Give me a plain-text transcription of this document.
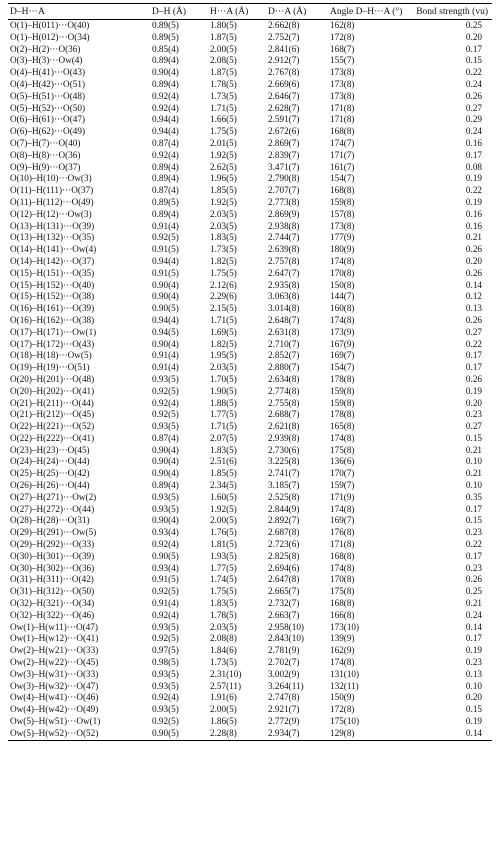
D–H···A	D–H (Å)	H···A (Å)	D···A (Å)	Angle D–H···A (°)	Bond strength (vu)
O(1)–H(011)···O(40)	0.89(5)	1.80(5)	2.662(8)	162(8)	0.25
O(1)–H(012)···O(34)	0.89(5)	1.87(5)	2.752(7)	172(8)	0.20
O(2)–H(2)···O(36)	0.85(4)	2.00(5)	2.841(6)	168(7)	0.17
O(3)–H(3)···Ow(4)	0.89(4)	2.08(5)	2.912(7)	155(7)	0.15
O(4)–H(41)···O(43)	0.90(4)	1.87(5)	2.767(8)	173(8)	0.22
O(4)–H(42)···O(51)	0.89(4)	1.78(5)	2.669(6)	173(8)	0.24
O(5)–H(51)···O(48)	0.92(4)	1.73(5)	2.646(7)	173(8)	0.26
O(5)–H(52)···O(50)	0.92(4)	1.71(5)	2.628(7)	171(8)	0.27
O(6)–H(61)···O(47)	0.94(4)	1.66(5)	2.591(7)	171(8)	0.29
O(6)–H(62)···O(49)	0.94(4)	1.75(5)	2.672(6)	168(8)	0.24
O(7)–H(7)···O(40)	0.87(4)	2.01(5)	2.869(7)	174(7)	0.16
O(8)–H(8)···O(36)	0.92(4)	1.92(5)	2.839(7)	171(7)	0.17
O(9)–H(9)···O(37)	0.89(4)	2.62(5)	3.471(7)	161(7)	0.08
O(10)–H(10)···Ow(3)	0.89(4)	1.96(5)	2.790(8)	154(7)	0.19
O(11)–H(111)···O(37)	0.87(4)	1.85(5)	2.707(7)	168(8)	0.22
O(11)–H(112)···O(49)	0.89(5)	1.92(5)	2.773(8)	159(8)	0.19
O(12)–H(12)···Ow(3)	0.89(4)	2.03(5)	2.869(9)	157(8)	0.16
O(13)–H(131)···O(39)	0.91(4)	2.03(5)	2.938(8)	173(8)	0.16
O(13)–H(132)···O(35)	0.92(5)	1.83(5)	2.744(7)	177(9)	0.21
O(14)–H(141)···Ow(4)	0.91(5)	1.73(5)	2.639(8)	180(9)	0.26
O(14)–H(142)···O(37)	0.94(4)	1.82(5)	2.757(8)	174(8)	0.20
O(15)–H(151)···O(35)	0.91(5)	1.75(5)	2.647(7)	170(8)	0.26
O(15)–H(152)···O(40)	0.90(4)	2.12(6)	2.935(8)	150(8)	0.14
O(15)–H(152)···O(38)	0.90(4)	2.29(6)	3.063(8)	144(7)	0.12
O(16)–H(161)···O(39)	0.90(5)	2.15(5)	3.014(8)	160(8)	0.13
O(16)–H(162)···O(38)	0.94(4)	1.71(5)	2.648(7)	174(8)	0.26
O(17)–H(171)···Ow(1)	0.94(5)	1.69(5)	2.631(8)	173(9)	0.27
O(17)–H(172)···O(43)	0.90(4)	1.82(5)	2.710(7)	167(9)	0.22
O(18)–H(18)···Ow(5)	0.91(4)	1.95(5)	2.852(7)	169(7)	0.17
O(19)–H(19)···O(51)	0.91(4)	2.03(5)	2.880(7)	154(7)	0.17
O(20)–H(201)···O(48)	0.93(5)	1.70(5)	2.634(8)	178(8)	0.26
O(20)–H(202)···O(41)	0.92(5)	1.90(5)	2.774(8)	159(8)	0.19
O(21)–H(211)···O(44)	0.92(4)	1.88(5)	2.755(8)	159(8)	0.20
O(21)–H(212)···O(45)	0.92(5)	1.77(5)	2.688(7)	178(8)	0.23
O(22)–H(221)···O(52)	0.93(5)	1.71(5)	2.621(8)	165(8)	0.27
O(22)–H(222)···O(41)	0.87(4)	2.07(5)	2.939(8)	174(8)	0.15
O(23)–H(23)···O(45)	0.90(4)	1.83(5)	2.730(6)	175(8)	0.21
O(24)–H(24)···O(44)	0.90(4)	2.51(6)	3.225(8)	136(6)	0.10
O(25)–H(25)···O(42)	0.90(4)	1.85(5)	2.741(7)	170(7)	0.21
O(26)–H(26)···O(44)	0.89(4)	2.34(5)	3.185(7)	159(7)	0.10
O(27)–H(271)···Ow(2)	0.93(5)	1.60(5)	2.525(8)	171(9)	0.35
O(27)–H(272)···O(44)	0.93(5)	1.92(5)	2.844(9)	174(8)	0.17
O(28)–H(28)···O(31)	0.90(4)	2.00(5)	2.892(7)	169(7)	0.15
O(29)–H(291)···Ow(5)	0.93(4)	1.76(5)	2.687(8)	176(8)	0.23
O(29)–H(292)···O(33)	0.92(4)	1.81(5)	2.723(6)	171(8)	0.22
O(30)–H(301)···O(39)	0.90(5)	1.93(5)	2.825(8)	168(8)	0.17
O(30)–H(302)···O(36)	0.93(4)	1.77(5)	2.694(6)	174(8)	0.23
O(31)–H(311)···O(42)	0.91(5)	1.74(5)	2.647(8)	170(8)	0.26
O(31)–H(312)···O(50)	0.92(5)	1.75(5)	2.665(7)	175(8)	0.25
O(32)–H(321)···O(34)	0.91(4)	1.83(5)	2.732(7)	168(8)	0.21
O(32)–H(322)···O(46)	0.92(4)	1.78(5)	2.663(7)	166(8)	0.24
Ow(1)–H(w11)···O(47)	0.93(5)	2.03(5)	2.958(10)	173(10)	0.14
Ow(1)–H(w12)···O(41)	0.92(5)	2.08(8)	2.843(10)	139(9)	0.17
Ow(2)–H(w21)···O(33)	0.97(5)	1.84(6)	2.781(9)	162(9)	0.19
Ow(2)–H(w22)···O(45)	0.98(5)	1.73(5)	2.702(7)	174(8)	0.23
Ow(3)–H(w31)···O(33)	0.93(5)	2.31(10)	3.002(9)	131(10)	0.13
Ow(3)–H(w32)···O(47)	0.93(5)	2.57(11)	3.264(11)	132(11)	0.10
Ow(4)–H(w41)···O(46)	0.92(4)	1.91(6)	2.747(8)	150(9)	0.20
Ow(4)–H(w42)···O(49)	0.93(5)	2.00(5)	2.921(7)	172(8)	0.15
Ow(5)–H(w51)···Ow(1)	0.92(5)	1.86(5)	2.772(9)	175(10)	0.19
Ow(5)–H(w52)···O(52)	0.90(5)	2.28(8)	2.934(7)	129(8)	0.14
